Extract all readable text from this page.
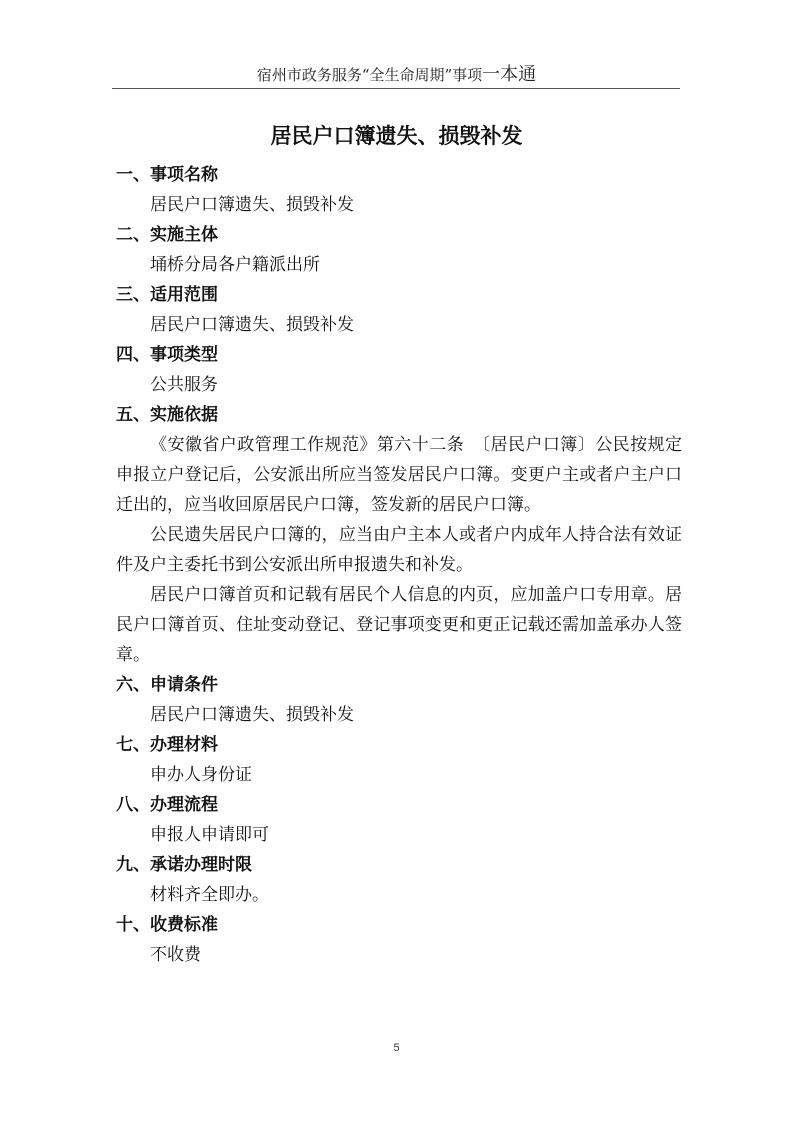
宿州市政务服务“全生命周期”事项一本通
居民户口簿遗失、损毁补发
一、事项名称
居民户口簿遗失、损毁补发
二、实施主体
埇桥分局各户籍派出所
三、适用范围
居民户口簿遗失、损毁补发
四、事项类型
公共服务
五、实施依据

《安徽省户政管理工作规范》第六十二条　〔居民户口簿〕公民按规定申报立户登记后，公安派出所应当签发居民户口簿。变更户主或者户主户口迁出的，应当收回原居民户口簿，签发新的居民户口簿。

公民遗失居民户口簿的，应当由户主本人或者户内成年人持合法有效证件及户主委托书到公安派出所申报遗失和补发。

居民户口簿首页和记载有居民个人信息的内页，应加盖户口专用章。居民户口簿首页、住址变动登记、登记事项变更和更正记载还需加盖承办人签章。

六、申请条件
居民户口簿遗失、损毁补发
七、办理材料
申办人身份证
八、办理流程
申报人申请即可
九、承诺办理时限
材料齐全即办。
十、收费标准
不收费
5
